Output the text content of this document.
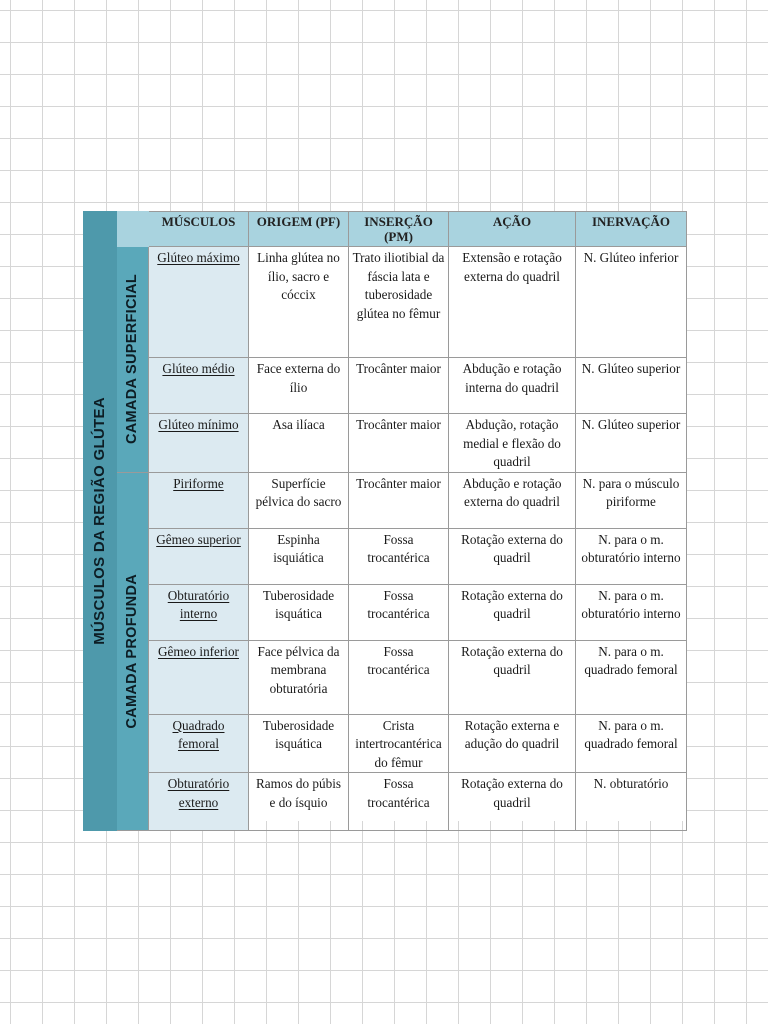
MÚSCULOS DA REGIÃO GLÚTEA		MÚSCULOS	ORIGEM (PF)	INSERÇÃO (PM)	AÇÃO	INERVAÇÃO

	CAMADA SUPERFICIAL	Glúteo máximo	Linha glútea no ílio, sacro e cóccix	Trato iliotibial da fáscia lata e tuberosidade glútea no fêmur	Extensão e rotação externa do quadril	N. Glúteo inferior
		Glúteo médio	Face externa do ílio	Trocânter maior	Abdução e rotação interna do quadril	N. Glúteo superior
		Glúteo mínimo	Asa ilíaca	Trocânter maior	Abdução, rotação medial e flexão do quadril	N. Glúteo superior

	CAMADA PROFUNDA	Piriforme	Superfície pélvica do sacro	Trocânter maior	Abdução e rotação externa do quadril	N. para o músculo piriforme
		Gêmeo superior	Espinha isquiática	Fossa trocantérica	Rotação externa do quadril	N. para o m. obturatório interno
		Obturatório interno	Tuberosidade isquática	Fossa trocantérica	Rotação externa do quadril	N. para o m. obturatório interno
		Gêmeo inferior	Face pélvica da membrana obturatória	Fossa trocantérica	Rotação externa do quadril	N. para o m. quadrado femoral
		Quadrado femoral	Tuberosidade isquática	Crista intertrocantérica do fêmur	Rotação externa e adução do quadril	N. para o m. quadrado femoral
		Obturatório externo	Ramos do púbis e do ísquio	Fossa trocantérica	Rotação externa do quadril	N. obturatório
